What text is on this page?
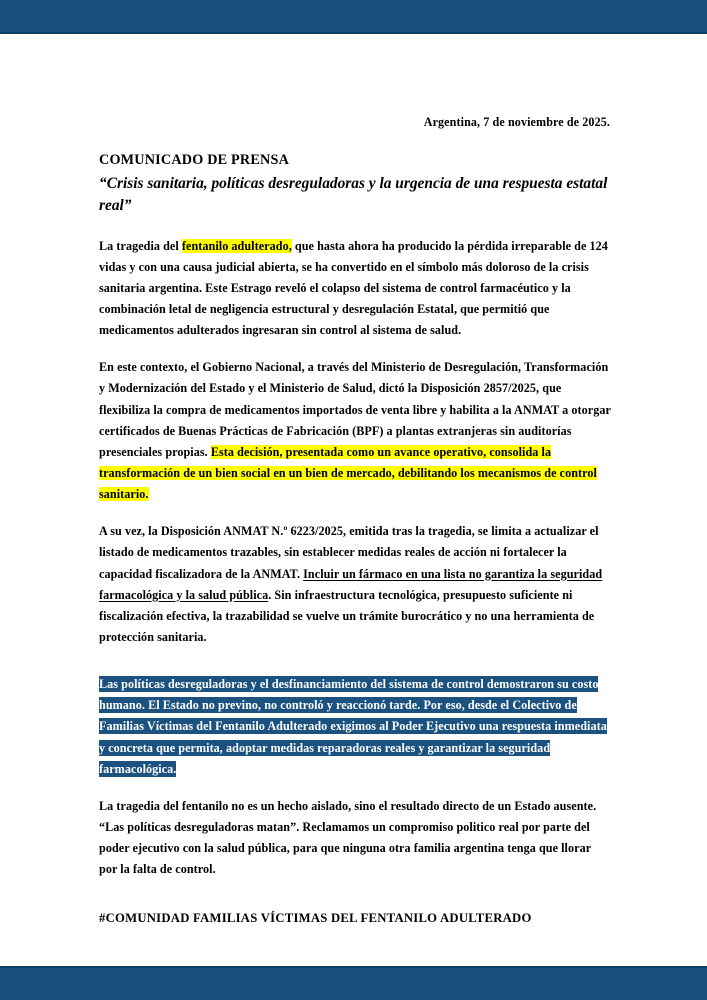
Argentina, 7 de noviembre de 2025.
COMUNICADO DE PRENSA
“Crisis sanitaria, políticas desreguladoras y la urgencia de una respuesta estatal real”

La tragedia del fentanilo adulterado, que hasta ahora ha producido la pérdida irreparable de 124 vidas y con una causa judicial abierta, se ha convertido en el símbolo más doloroso de la crisis sanitaria argentina. Este Estrago reveló el colapso del sistema de control farmacéutico y la combinación letal de negligencia estructural y desregulación Estatal, que permitió que medicamentos adulterados ingresaran sin control al sistema de salud.

En este contexto, el Gobierno Nacional, a través del Ministerio de Desregulación, Transformación y Modernización del Estado y el Ministerio de Salud, dictó la Disposición 2857/2025, que flexibiliza la compra de medicamentos importados de venta libre y habilita a la ANMAT a otorgar certificados de Buenas Prácticas de Fabricación (BPF) a plantas extranjeras sin auditorías presenciales propias. Esta decisión, presentada como un avance operativo, consolida la transformación de un bien social en un bien de mercado, debilitando los mecanismos de control sanitario.

A su vez, la Disposición ANMAT N.º 6223/2025, emitida tras la tragedia, se limita a actualizar el listado de medicamentos trazables, sin establecer medidas reales de acción ni fortalecer la capacidad fiscalizadora de la ANMAT. Incluir un fármaco en una lista no garantiza la seguridad farmacológica y la salud pública. Sin infraestructura tecnológica, presupuesto suficiente ni fiscalización efectiva, la trazabilidad se vuelve un trámite burocrático y no una herramienta de protección sanitaria.

Las políticas desreguladoras y el desfinanciamiento del sistema de control demostraron su costo humano. El Estado no previno, no controló y reaccionó tarde. Por eso, desde el Colectivo de Familias Víctimas del Fentanilo Adulterado exigimos al Poder Ejecutivo una respuesta inmediata y concreta que permita, adoptar medidas reparadoras reales y garantizar la seguridad farmacológica.

La tragedia del fentanilo no es un hecho aislado, sino el resultado directo de un Estado ausente. “Las políticas desreguladoras matan”. Reclamamos un compromiso politico real por parte del poder ejecutivo con la salud pública, para que ninguna otra familia argentina tenga que llorar por la falta de control.

#COMUNIDAD FAMILIAS VÍCTIMAS DEL FENTANILO ADULTERADO
